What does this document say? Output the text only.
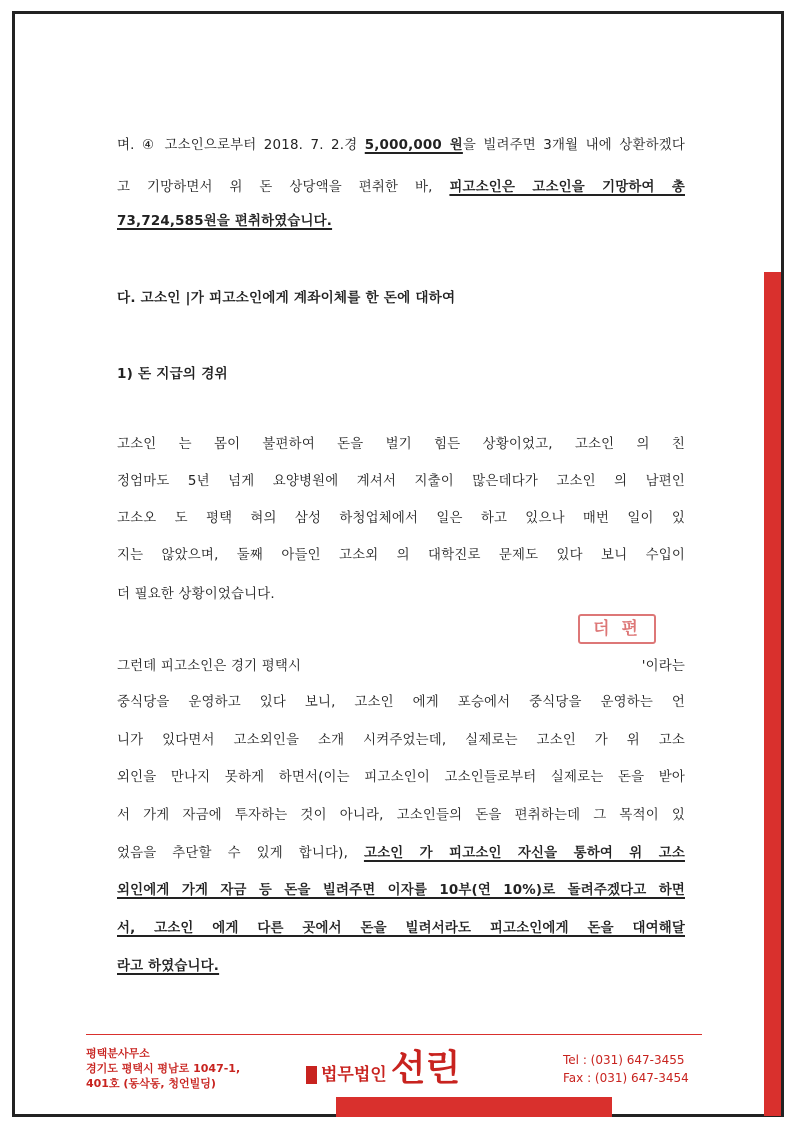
며. ④ 고소인으로부터 2018. 7. 2.경 5,000,000 원을 빌려주면 3개월 내에 상환하겠다
고 기망하면서 위 돈 상당액을 편취한 바, 피고소인은 고소인을 기망하여 총
73,724,585원을 편취하였습니다.
다. 고소인 |가 피고소인에게 계좌이체를 한 돈에 대하여
1) 돈 지급의 경위
고소인 는 몸이 불편하여 돈을 벌기 힘든 상황이었고, 고소인 의 친
정엄마도 5년 넘게 요양병원에 계셔서 지출이 많은데다가 고소인 의 남편인
고소오 도 평택 혀의 삼성 하청업체에서 일은 하고 있으나 매번 일이 있
지는 않았으며, 둘째 아들인 고소외 의 대학진로 문제도 있다 보니 수입이
더 필요한 상황이었습니다.
더 편
그런데 피고소인은 경기 평택시	'이라는
중식당을 운영하고 있다 보니, 고소인 에게 포승에서 중식당을 운영하는 언
니가 있다면서 고소외인을 소개 시켜주었는데, 실제로는 고소인 가 위 고소
외인을 만나지 못하게 하면서(이는 피고소인이 고소인들로부터 실제로는 돈을 받아
서 가게 자금에 투자하는 것이 아니라, 고소인들의 돈을 편취하는데 그 목적이 있
었음을 추단할 수 있게 합니다), 고소인 가 피고소인 자신을 통하여 위 고소
외인에게 가게 자금 등 돈을 빌려주면 이자를 10부(연 10%)로 돌려주겠다고 하면
서, 고소인 에게 다른 곳에서 돈을 빌려서라도 피고소인에게 돈을 대여해달
라고 하였습니다.
평택분사무소
경기도 평택시 평남로 1047-1,
401호 (동삭동, 청언빌딩)	법무법인 선린	Tel : (031) 647-3455
Fax : (031) 647-3454
